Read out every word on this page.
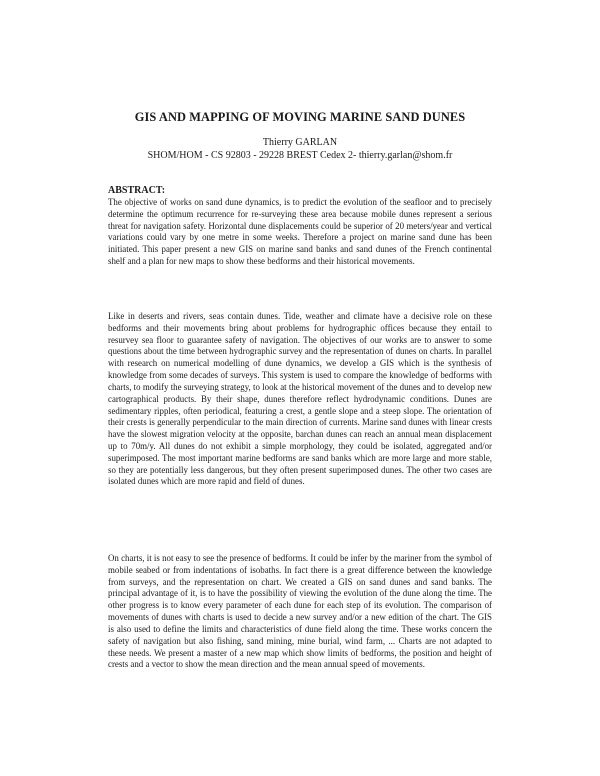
GIS AND MAPPING OF MOVING MARINE SAND DUNES
Thierry GARLAN
SHOM/HOM - CS 92803 - 29228 BREST Cedex 2- thierry.garlan@shom.fr
ABSTRACT:
The objective of works on sand dune dynamics, is to predict the evolution of the seafloor and to precisely determine the optimum recurrence for re-surveying these area because mobile dunes represent a serious threat for navigation safety. Horizontal dune displacements could be superior of 20 meters/year and vertical variations could vary by one metre in some weeks. Therefore a project on marine sand dune has been initiated. This paper present a new GIS on marine sand banks and sand dunes of the French continental shelf and a plan for new maps to show these bedforms and their historical movements.
Like in deserts and rivers, seas contain dunes. Tide, weather and climate have a decisive role on these bedforms and their movements bring about problems for hydrographic offices because they entail to resurvey sea floor to guarantee safety of navigation. The objectives of our works are to answer to some questions about the time between hydrographic survey and the representation of dunes on charts. In parallel with research on numerical modelling of dune dynamics, we develop a GIS which is the synthesis of knowledge from some decades of surveys. This system is used to compare the knowledge of bedforms with charts, to modify the surveying strategy, to look at the historical movement of the dunes and to develop new cartographical products. By their shape, dunes therefore reflect hydrodynamic conditions. Dunes are sedimentary ripples, often periodical, featuring a crest, a gentle slope and a steep slope. The orientation of their crests is generally perpendicular to the main direction of currents. Marine sand dunes with linear crests have the slowest migration velocity at the opposite, barchan dunes can reach an annual mean displacement up to 70m/y. All dunes do not exhibit a simple morphology, they could be isolated, aggregated and/or superimposed. The most important marine bedforms are sand banks which are more large and more stable, so they are potentially less dangerous, but they often present superimposed dunes. The other two cases are isolated dunes which are more rapid and field of dunes.
On charts, it is not easy to see the presence of bedforms. It could be infer by the mariner from the symbol of mobile seabed or from indentations of isobaths. In fact there is a great difference between the knowledge from surveys, and the representation on chart. We created a GIS on sand dunes and sand banks. The principal advantage of it, is to have the possibility of viewing the evolution of the dune along the time. The other progress is to know every parameter of each dune for each step of its evolution. The comparison of movements of dunes with charts is used to decide a new survey and/or a new edition of the chart. The GIS is also used to define the limits and characteristics of dune field along the time. These works concern the safety of navigation but also fishing, sand mining, mine burial, wind farm, ... Charts are not adapted to these needs. We present a master of a new map which show limits of bedforms, the position and height of crests and a vector to show the mean direction and the mean annual speed of movements.
